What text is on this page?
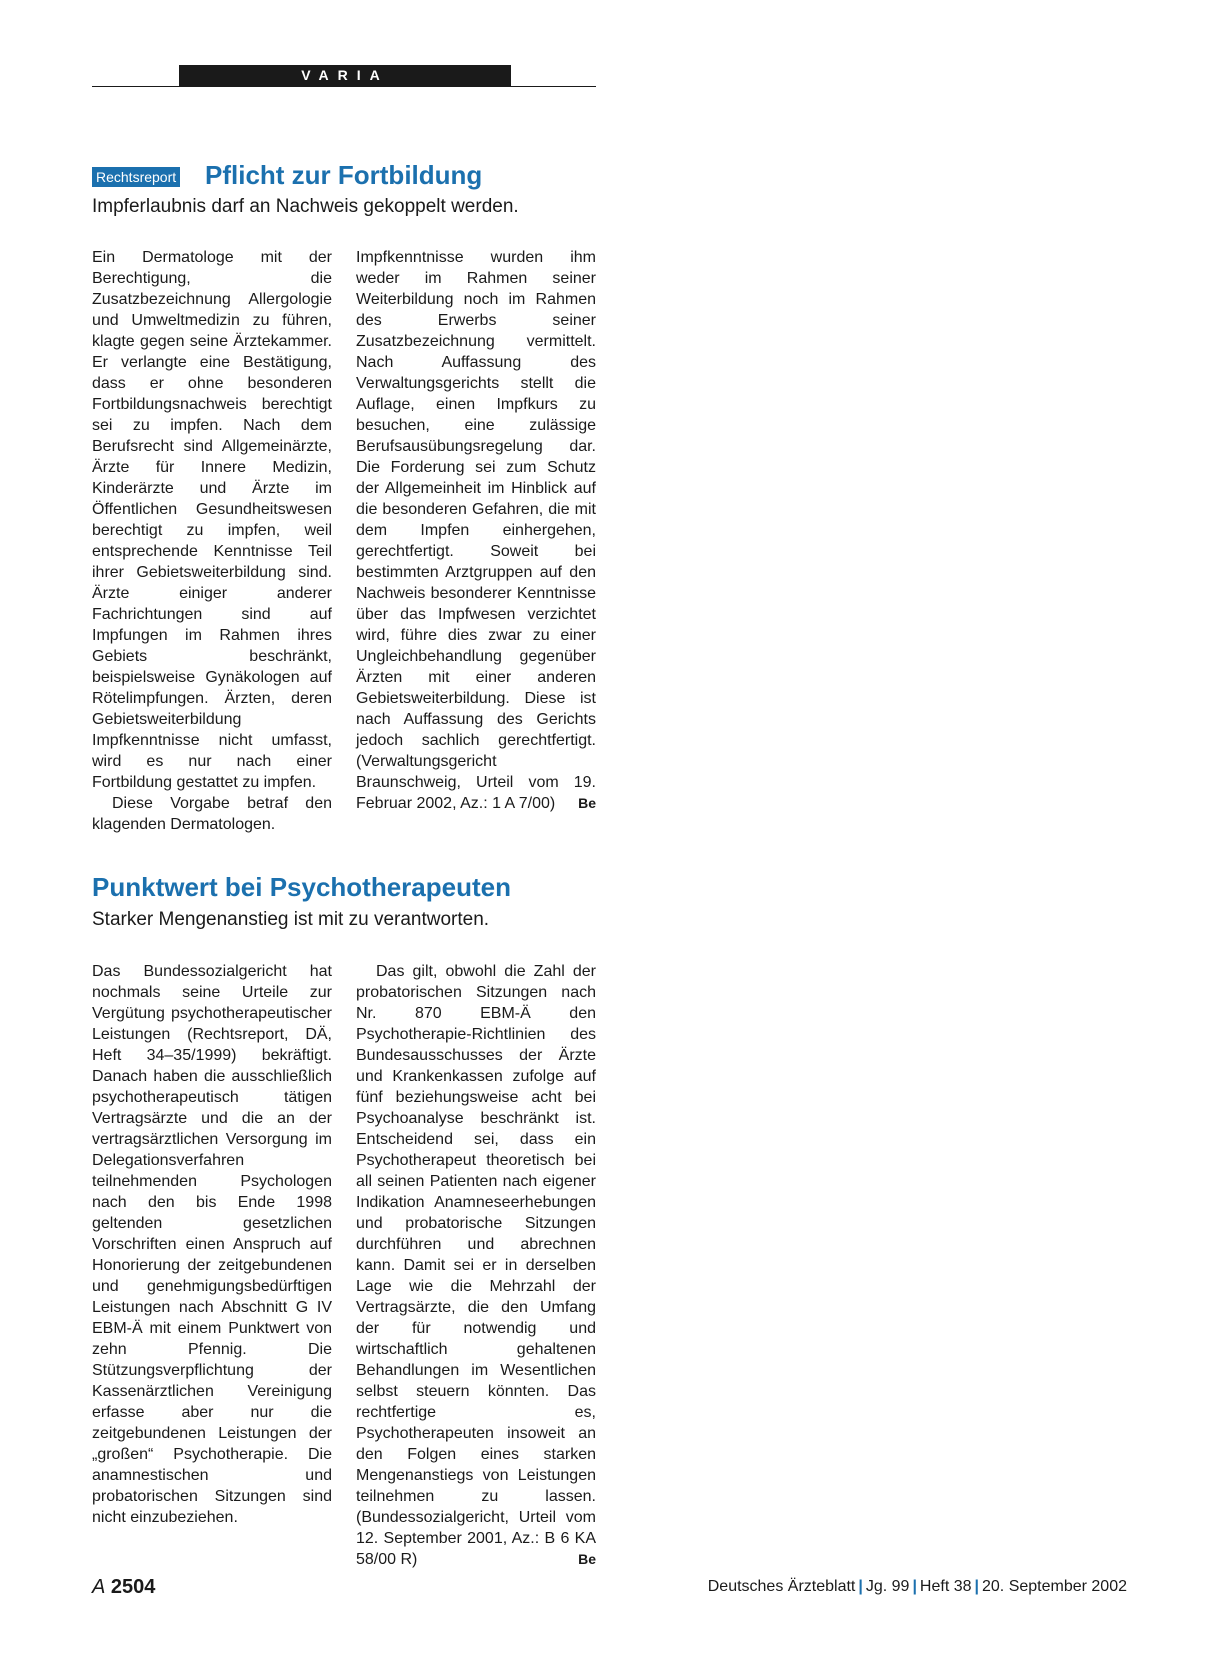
VARIA
Rechtsreport Pflicht zur Fortbildung

Impferlaubnis darf an Nachweis gekoppelt werden.

Ein Dermatologe mit der Berechtigung, die Zusatzbezeichnung Allergologie und Umweltmedizin zu führen, klagte gegen seine Ärztekammer. Er verlangte eine Bestätigung, dass er ohne besonderen Fortbildungsnachweis berechtigt sei zu impfen. Nach dem Berufsrecht sind Allgemeinärzte, Ärzte für Innere Medizin, Kinderärzte und Ärzte im Öffentlichen Gesundheitswesen berechtigt zu impfen, weil entsprechende Kenntnisse Teil ihrer Gebietsweiterbildung sind. Ärzte einiger anderer Fachrichtungen sind auf Impfungen im Rahmen ihres Gebiets beschränkt, beispielsweise Gynäkologen auf Rötelimpfungen. Ärzten, deren Gebietsweiterbildung Impfkenntnisse nicht umfasst, wird es nur nach einer Fortbildung gestattet zu impfen.

Diese Vorgabe betraf den klagenden Dermatologen.

Impfkenntnisse wurden ihm weder im Rahmen seiner Weiterbildung noch im Rahmen des Erwerbs seiner Zusatzbezeichnung vermittelt. Nach Auffassung des Verwaltungsgerichts stellt die Auflage, einen Impfkurs zu besuchen, eine zulässige Berufsausübungsregelung dar. Die Forderung sei zum Schutz der Allgemeinheit im Hinblick auf die besonderen Gefahren, die mit dem Impfen einhergehen, gerechtfertigt. Soweit bei bestimmten Arztgruppen auf den Nachweis besonderer Kenntnisse über das Impfwesen verzichtet wird, führe dies zwar zu einer Ungleichbehandlung gegenüber Ärzten mit einer anderen Gebietsweiterbildung. Diese ist nach Auffassung des Gerichts jedoch sachlich gerechtfertigt. (Verwaltungsgericht Braunschweig, Urteil vom 19. Februar 2002, Az.: 1 A 7/00) Be

Punktwert bei Psychotherapeuten

Starker Mengenanstieg ist mit zu verantworten.

Das Bundessozialgericht hat nochmals seine Urteile zur Vergütung psychotherapeutischer Leistungen (Rechtsreport, DÄ, Heft 34–35/1999) bekräftigt. Danach haben die ausschließlich psychotherapeutisch tätigen Vertragsärzte und die an der vertragsärztlichen Versorgung im Delegationsverfahren teilnehmenden Psychologen nach den bis Ende 1998 geltenden gesetzlichen Vorschriften einen Anspruch auf Honorierung der zeitgebundenen und genehmigungsbedürftigen Leistungen nach Abschnitt G IV EBM-Ä mit einem Punktwert von zehn Pfennig. Die Stützungsverpflichtung der Kassenärztlichen Vereinigung erfasse aber nur die zeitgebundenen Leistungen der „großen“ Psychotherapie. Die anamnestischen und probatorischen Sitzungen sind nicht einzubeziehen.

Das gilt, obwohl die Zahl der probatorischen Sitzungen nach Nr. 870 EBM-Ä den Psychotherapie-Richtlinien des Bundesausschusses der Ärzte und Krankenkassen zufolge auf fünf beziehungsweise acht bei Psychoanalyse beschränkt ist. Entscheidend sei, dass ein Psychotherapeut theoretisch bei all seinen Patienten nach eigener Indikation Anamneseerhebungen und probatorische Sitzungen durchführen und abrechnen kann. Damit sei er in derselben Lage wie die Mehrzahl der Vertragsärzte, die den Umfang der für notwendig und wirtschaftlich gehaltenen Behandlungen im Wesentlichen selbst steuern könnten. Das rechtfertige es, Psychotherapeuten insoweit an den Folgen eines starken Mengenanstiegs von Leistungen teilnehmen zu lassen. (Bundessozialgericht, Urteil vom 12. September 2001, Az.: B 6 KA 58/00 R)	Be

A 2504	Deutsches Ärzteblatt | Jg. 99 | Heft 38 | 20. September 2002
